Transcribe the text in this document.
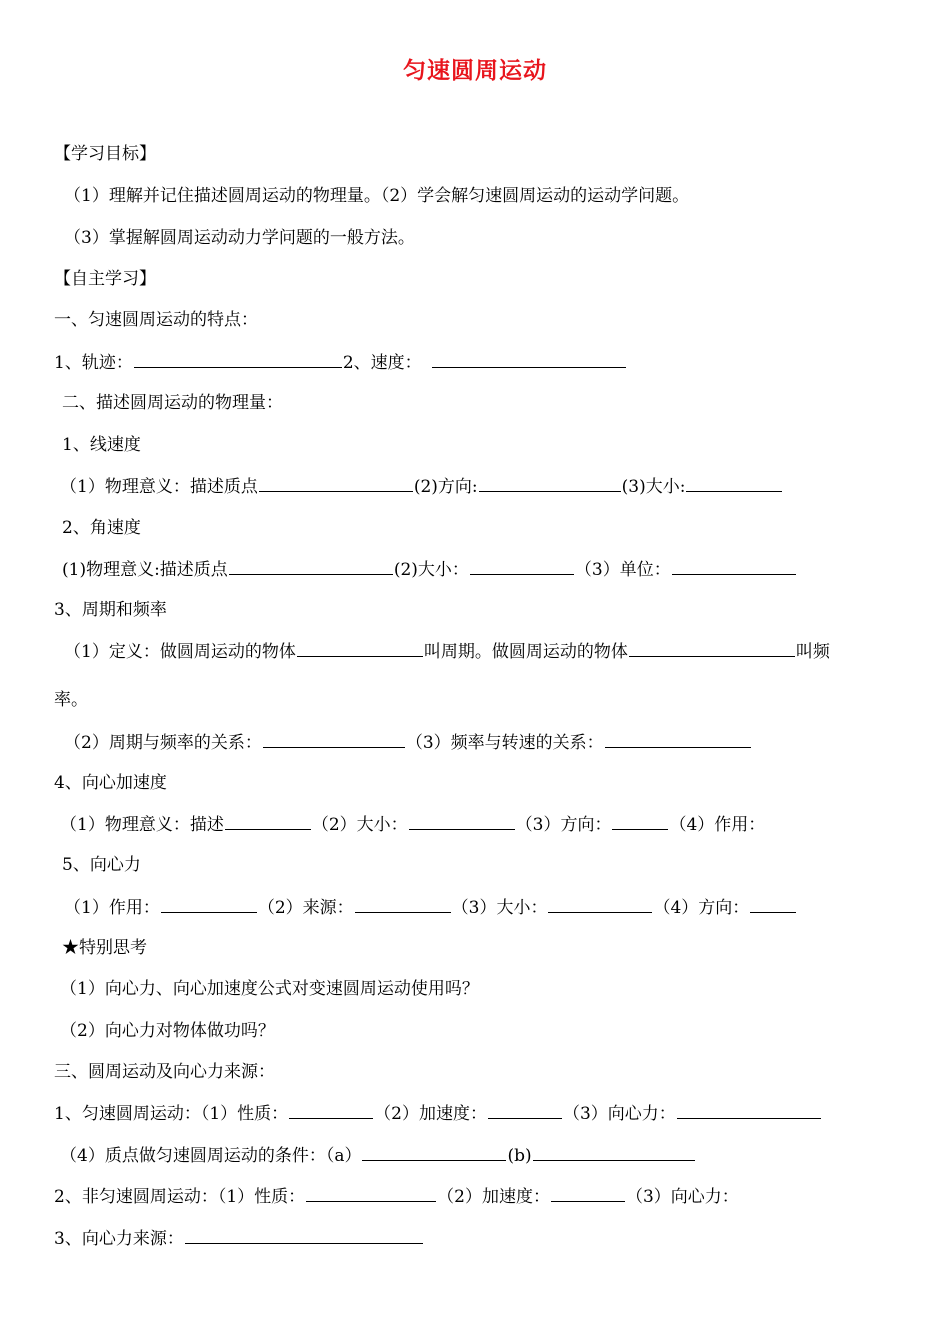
匀速圆周运动
【学习目标】
（1）理解并记住描述圆周运动的物理量。（2）学会解匀速圆周运动的运动学问题。
（3）掌握解圆周运动动力学问题的一般方法。
【自主学习】
一、匀速圆周运动的特点：
1、轨迹：	2、速度：
二、描述圆周运动的物理量：
1、线速度
（1）物理意义：描述质点	(2)方向:	(3)大小:
2、角速度
(1)物理意义:描述质点	(2)大小：	（3）单位：
3、周期和频率
（1）定义：做圆周运动的物体	叫周期。做圆周运动的物体	叫频
率。
（2）周期与频率的关系：	（3）频率与转速的关系：
4、向心加速度
（1）物理意义：描述	（2）大小：	（3）方向：	（4）作用：
5、向心力
（1）作用：	（2）来源：	（3）大小：	（4）方向：
★特别思考
（1）向心力、向心加速度公式对变速圆周运动使用吗？
（2）向心力对物体做功吗？
三、圆周运动及向心力来源：
1、匀速圆周运动：（1）性质：	（2）加速度：	（3）向心力：
（4）质点做匀速圆周运动的条件：（a）	(b)
2、非匀速圆周运动：（1）性质：	（2）加速度：	（3）向心力：
3、向心力来源：
